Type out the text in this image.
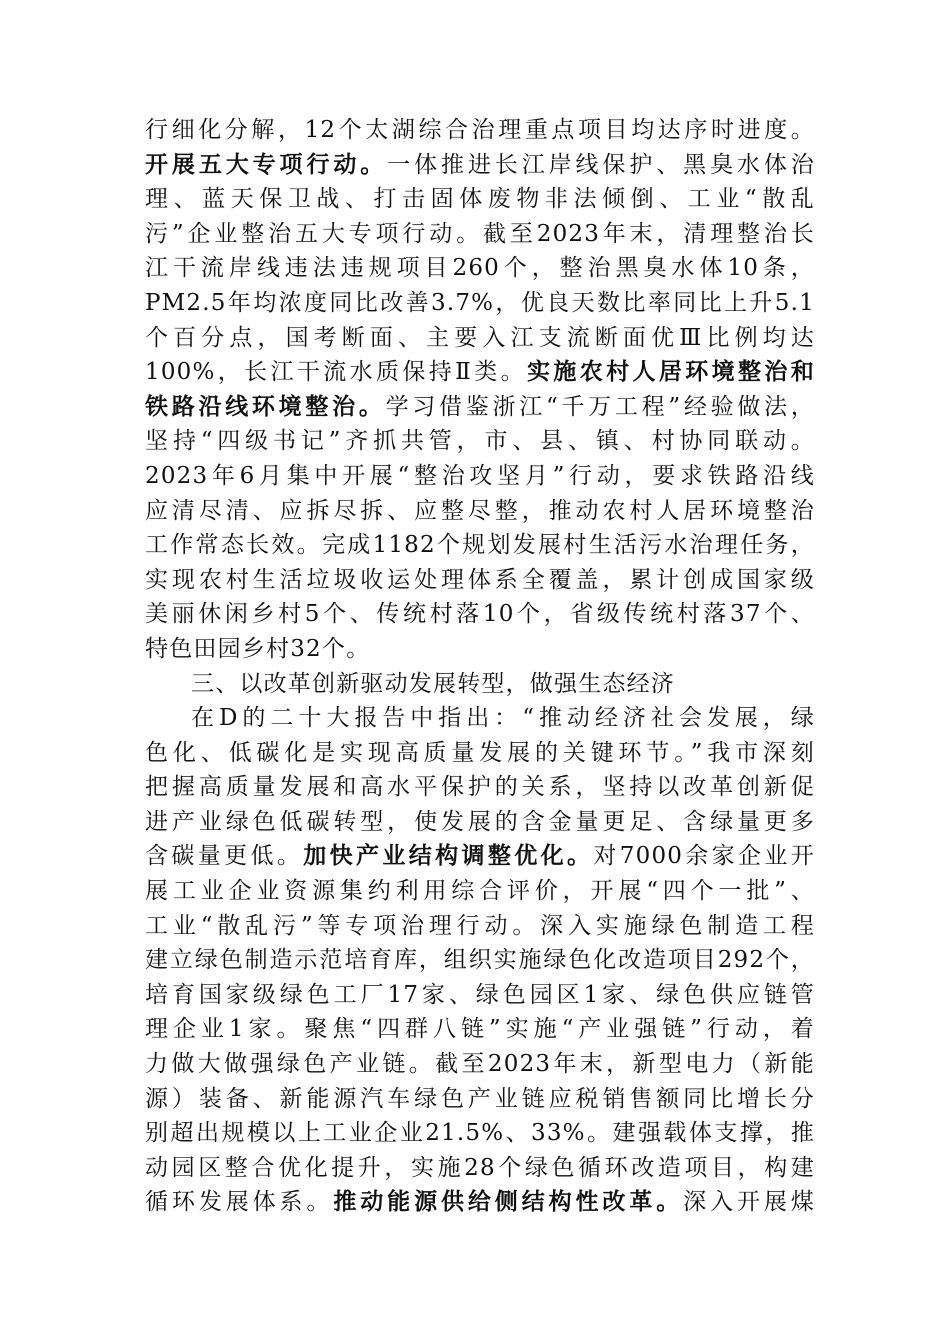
行细化分解，12个太湖综合治理重点项目均达序时进度。
开展五大专项行动。一体推进长江岸线保护、黑臭水体治
理、蓝天保卫战、打击固体废物非法倾倒、工业“散乱
污”企业整治五大专项行动。截至2023年末，清理整治长
江干流岸线违法违规项目260个，整治黑臭水体10条，
PM2.5年均浓度同比改善3.7%，优良天数比率同比上升5.1
个百分点，国考断面、主要入江支流断面优Ⅲ比例均达
100%，长江干流水质保持Ⅱ类。实施农村人居环境整治和
铁路沿线环境整治。学习借鉴浙江“千万工程”经验做法，
坚持“四级书记”齐抓共管，市、县、镇、村协同联动。
2023年6月集中开展“整治攻坚月”行动，要求铁路沿线
应清尽清、应拆尽拆、应整尽整，推动农村人居环境整治
工作常态长效。完成1182个规划发展村生活污水治理任务，
实现农村生活垃圾收运处理体系全覆盖，累计创成国家级
美丽休闲乡村5个、传统村落10个，省级传统村落37个、
特色田园乡村32个。
三、以改革创新驱动发展转型，做强生态经济
在D的二十大报告中指出：“推动经济社会发展，绿
色化、低碳化是实现高质量发展的关键环节。”我市深刻
把握高质量发展和高水平保护的关系，坚持以改革创新促
进产业绿色低碳转型，使发展的含金量更足、含绿量更多
含碳量更低。加快产业结构调整优化。对7000余家企业开
展工业企业资源集约利用综合评价，开展“四个一批”、
工业“散乱污”等专项治理行动。深入实施绿色制造工程
建立绿色制造示范培育库，组织实施绿色化改造项目292个，
培育国家级绿色工厂17家、绿色园区1家、绿色供应链管
理企业1家。聚焦“四群八链”实施“产业强链”行动，着
力做大做强绿色产业链。截至2023年末，新型电力（新能
源）装备、新能源汽车绿色产业链应税销售额同比增长分
别超出规模以上工业企业21.5%、33%。建强载体支撑，推
动园区整合优化提升，实施28个绿色循环改造项目，构建
循环发展体系。推动能源供给侧结构性改革。深入开展煤
